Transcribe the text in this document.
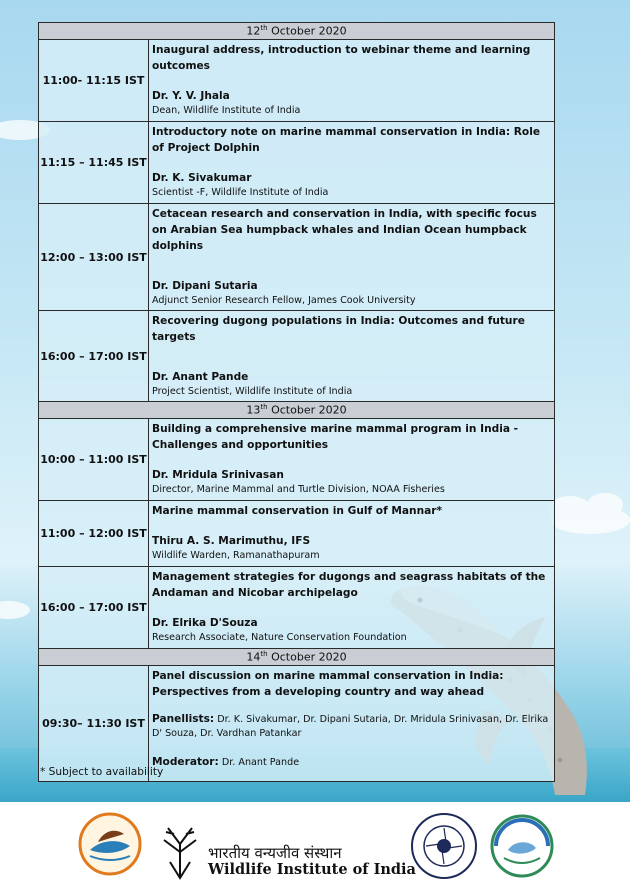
12th October 2020	
11:00- 11:15 IST	Inaugural address, introduction to webinar theme and learning outcomes
Dr. Y. V. Jhala
Dean, Wildlife Institute of India

11:15 – 11:45 IST	Introductory note on marine mammal conservation in India: Role of Project Dolphin
Dr. K. Sivakumar
Scientist -F, Wildlife Institute of India

12:00 – 13:00 IST	Cetacean research and conservation in India, with specific focus on Arabian Sea humpback whales and Indian Ocean humpback dolphins
Dr. Dipani Sutaria
Adjunct Senior Research Fellow, James Cook University

16:00 – 17:00 IST	Recovering dugong populations in India: Outcomes and future targets
Dr. Anant Pande
Project Scientist, Wildlife Institute of India

13th October 2020	
10:00 – 11:00 IST	Building a comprehensive marine mammal program in India - Challenges and opportunities
Dr. Mridula Srinivasan
Director, Marine Mammal and Turtle Division, NOAA Fisheries

11:00 – 12:00 IST	Marine mammal conservation in Gulf of Mannar*
Thiru A. S. Marimuthu, IFS
Wildlife Warden, Ramanathapuram

16:00 – 17:00 IST	Management strategies for dugongs and seagrass habitats of the Andaman and Nicobar archipelago
Dr. Elrika D'Souza
Research Associate, Nature Conservation Foundation

14th October 2020	
09:30– 11:30 IST	Panel discussion on marine mammal conservation in India: Perspectives from a developing country and way ahead
Panellists: Dr. K. Sivakumar, Dr. Dipani Sutaria, Dr. Mridula Srinivasan, Dr. Elrika D' Souza, Dr. Vardhan Patankar
Moderator: Dr. Anant Pande
* Subject to availability
भारतीय वन्यजीव संस्थान
Wildlife Institute of India
